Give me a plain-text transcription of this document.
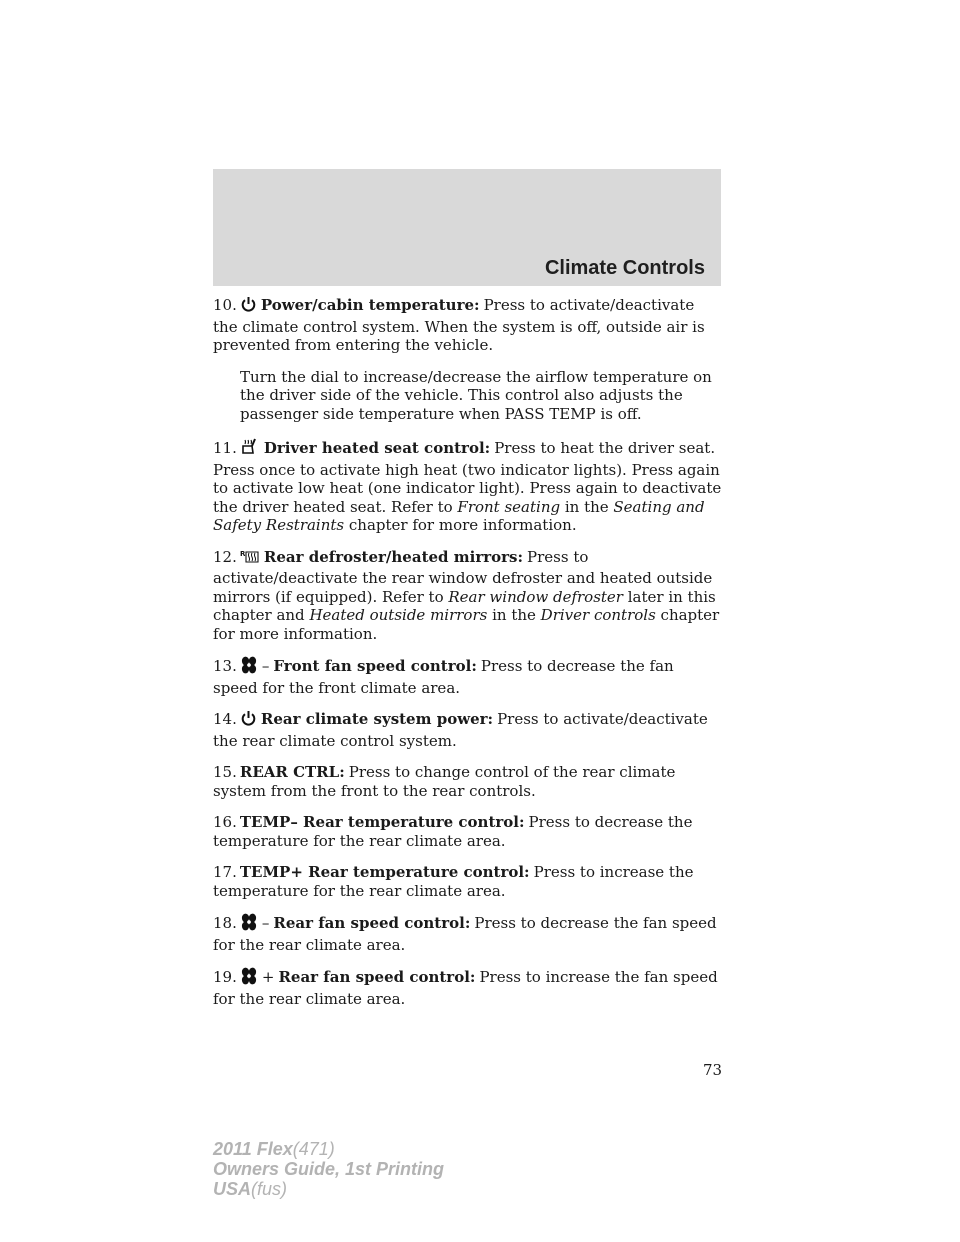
Climate Controls

10. Power/cabin temperature: Press to activate/deactivate the climate control system. When the system is off, outside air is prevented from entering the vehicle.

Turn the dial to increase/decrease the airflow temperature on the driver side of the vehicle. This control also adjusts the passenger side temperature when PASS TEMP is off.

11. Driver heated seat control: Press to heat the driver seat. Press once to activate high heat (two indicator lights). Press again to activate low heat (one indicator light). Press again to deactivate the driver heated seat. Refer to Front seating in the Seating and Safety Restraints chapter for more information.

12. R Rear defroster/heated mirrors: Press to activate/deactivate the rear window defroster and heated outside mirrors (if equipped). Refer to Rear window defroster later in this chapter and Heated outside mirrors in the Driver controls chapter for more information.

13. – Front fan speed control: Press to decrease the fan speed for the front climate area.

14. Rear climate system power: Press to activate/deactivate the rear climate control system.

15. REAR CTRL: Press to change control of the rear climate system from the front to the rear controls.

16. TEMP– Rear temperature control: Press to decrease the temperature for the rear climate area.

17. TEMP+ Rear temperature control: Press to increase the temperature for the rear climate area.

18. – Rear fan speed control: Press to decrease the fan speed for the rear climate area.

19. + Rear fan speed control: Press to increase the fan speed for the rear climate area.

73
2011 Flex(471)
Owners Guide, 1st Printing
USA(fus)
